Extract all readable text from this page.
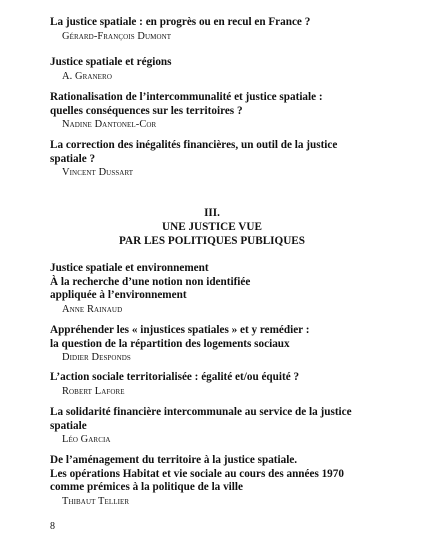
La justice spatiale : en progrès ou en recul en France ?

Gérard-François Dumont

Justice spatiale et régions

A. Granero

Rationalisation de l’intercommunalité et justice spatiale :
quelles conséquences sur les territoires ?

Nadine Dantonel-Cor

La correction des inégalités financières, un outil de la justice
spatiale ?

Vincent Dussart

III.
UNE JUSTICE VUE
PAR LES POLITIQUES PUBLIQUES

Justice spatiale et environnement
À la recherche d’une notion non identifiée
appliquée à l’environnement

Anne Rainaud

Appréhender les « injustices spatiales » et y remédier :
la question de la répartition des logements sociaux

Didier Desponds

L’action sociale territorialisée : égalité et/ou équité ?

Robert Lafore

La solidarité financière intercommunale au service de la justice
spatiale

Léo Garcia

De l’aménagement du territoire à la justice spatiale.
Les opérations Habitat et vie sociale au cours des années 1970
comme prémices à la politique de la ville

Thibaut Tellier

8
